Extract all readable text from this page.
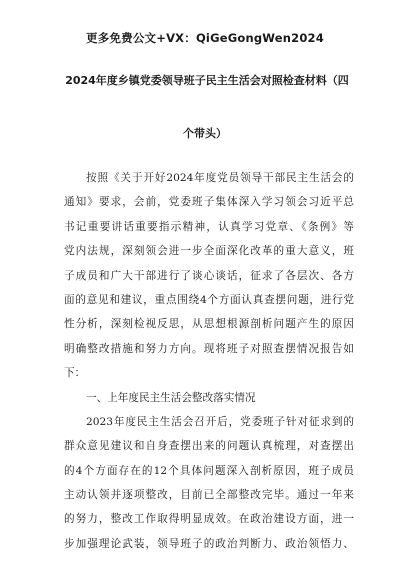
更多免费公文+VX：QiGeGongWen2024
2024年度乡镇党委领导班子民主生活会对照检查材料（四
个带头）
按照《关于开好2024年度党员领导干部民主生活会的
通知》要求，会前，党委班子集体深入学习领会习近平总
书记重要讲话重要指示精神，认真学习党章、《条例》等
党内法规，深刻领会进一步全面深化改革的重大意义，班
子成员和广大干部进行了谈心谈话，征求了各层次、各方
面的意见和建议，重点围绕4个方面认真查摆问题，进行党
性分析，深刻检视反思，从思想根源剖析问题产生的原因
明确整改措施和努力方向。现将班子对照查摆情况报告如
下：
一、上年度民主生活会整改落实情况
2023年度民主生活会召开后，党委班子针对征求到的
群众意见建议和自身查摆出来的问题认真梳理，对查摆出
的4个方面存在的12个具体问题深入剖析原因，班子成员
主动认领并逐项整改，目前已全部整改完毕。通过一年来
的努力，整改工作取得明显成效。在政治建设方面，进一
步加强理论武装，领导班子的政治判断力、政治领悟力、
